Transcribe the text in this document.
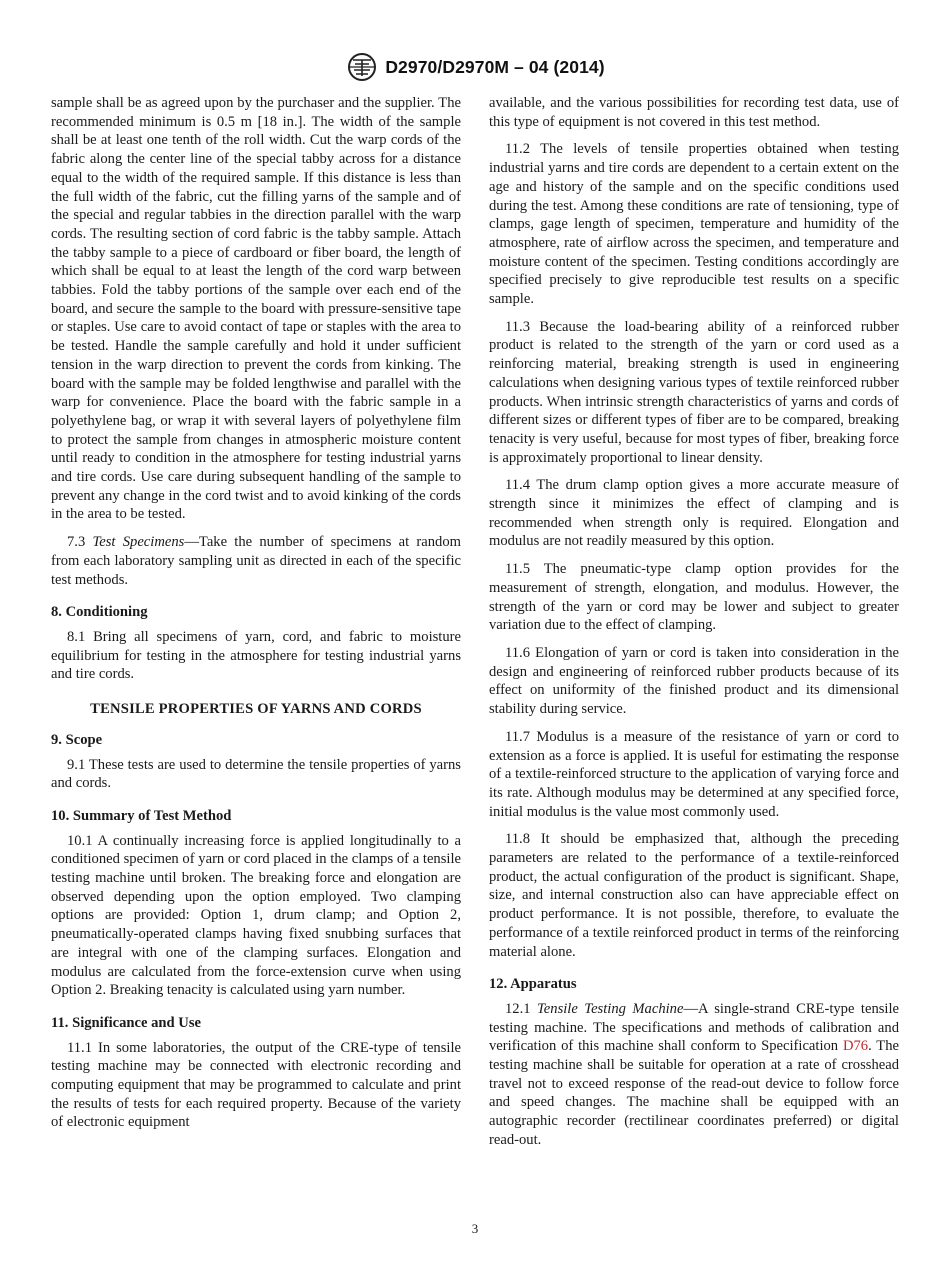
D2970/D2970M – 04 (2014)

sample shall be as agreed upon by the purchaser and the supplier. The recommended minimum is 0.5 m [18 in.]. The width of the sample shall be at least one tenth of the roll width. Cut the warp cords of the fabric along the center line of the special tabby across for a distance equal to the width of the required sample. If this distance is less than the full width of the fabric, cut the filling yarns of the sample and of the special and regular tabbies in the direction parallel with the warp cords. The resulting section of cord fabric is the tabby sample. Attach the tabby sample to a piece of cardboard or fiber board, the length of which shall be equal to at least the length of the cord warp between tabbies. Fold the tabby portions of the sample over each end of the board, and secure the sample to the board with pressure-sensitive tape or staples. Use care to avoid contact of tape or staples with the area to be tested. Handle the sample carefully and hold it under sufficient tension in the warp direction to prevent the cords from kinking. The board with the sample may be folded lengthwise and parallel with the warp for convenience. Place the board with the fabric sample in a polyethylene bag, or wrap it with several layers of polyethylene film to protect the sample from changes in atmospheric moisture content until ready to condition in the atmosphere for testing industrial yarns and tire cords. Use care during subsequent handling of the sample to prevent any change in the cord twist and to avoid kinking of the cords in the area to be tested.

7.3 Test Specimens—Take the number of specimens at random from each laboratory sampling unit as directed in each of the specific test methods.

8. Conditioning

8.1 Bring all specimens of yarn, cord, and fabric to moisture equilibrium for testing in the atmosphere for testing industrial yarns and tire cords.

TENSILE PROPERTIES OF YARNS AND CORDS
9. Scope

9.1 These tests are used to determine the tensile properties of yarns and cords.

10. Summary of Test Method

10.1 A continually increasing force is applied longitudinally to a conditioned specimen of yarn or cord placed in the clamps of a tensile testing machine until broken. The breaking force and elongation are observed depending upon the option employed. Two clamping options are provided: Option 1, drum clamp; and Option 2, pneumatically-operated clamps having fixed snubbing surfaces that are integral with one of the clamping surfaces. Elongation and modulus are calculated from the force-extension curve when using Option 2. Breaking tenacity is calculated using yarn number.

11. Significance and Use

11.1 In some laboratories, the output of the CRE-type of tensile testing machine may be connected with electronic recording and computing equipment that may be programmed to calculate and print the results of tests for each required property. Because of the variety of electronic equipment

available, and the various possibilities for recording test data, use of this type of equipment is not covered in this test method.

11.2 The levels of tensile properties obtained when testing industrial yarns and tire cords are dependent to a certain extent on the age and history of the sample and on the specific conditions used during the test. Among these conditions are rate of tensioning, type of clamps, gage length of specimen, temperature and humidity of the atmosphere, rate of airflow across the specimen, and temperature and moisture content of the specimen. Testing conditions accordingly are specified precisely to give reproducible test results on a specific sample.

11.3 Because the load-bearing ability of a reinforced rubber product is related to the strength of the yarn or cord used as a reinforcing material, breaking strength is used in engineering calculations when designing various types of textile reinforced rubber products. When intrinsic strength characteristics of yarns and cords of different sizes or different types of fiber are to be compared, breaking tenacity is very useful, because for most types of fiber, breaking force is approximately proportional to linear density.

11.4 The drum clamp option gives a more accurate measure of strength since it minimizes the effect of clamping and is recommended when strength only is required. Elongation and modulus are not readily measured by this option.

11.5 The pneumatic-type clamp option provides for the measurement of strength, elongation, and modulus. However, the strength of the yarn or cord may be lower and subject to greater variation due to the effect of clamping.

11.6 Elongation of yarn or cord is taken into consideration in the design and engineering of reinforced rubber products because of its effect on uniformity of the finished product and its dimensional stability during service.

11.7 Modulus is a measure of the resistance of yarn or cord to extension as a force is applied. It is useful for estimating the response of a textile-reinforced structure to the application of varying force and its rate. Although modulus may be determined at any specified force, initial modulus is the value most commonly used.

11.8 It should be emphasized that, although the preceding parameters are related to the performance of a textile-reinforced product, the actual configuration of the product is significant. Shape, size, and internal construction also can have appreciable effect on product performance. It is not possible, therefore, to evaluate the performance of a textile reinforced product in terms of the reinforcing material alone.

12. Apparatus

12.1 Tensile Testing Machine—A single-strand CRE-type tensile testing machine. The specifications and methods of calibration and verification of this machine shall conform to Specification D76. The testing machine shall be suitable for operation at a rate of crosshead travel not to exceed response of the read-out device to follow force and speed changes. The machine shall be equipped with an autographic recorder (rectilinear coordinates preferred) or digital read-out.

3
